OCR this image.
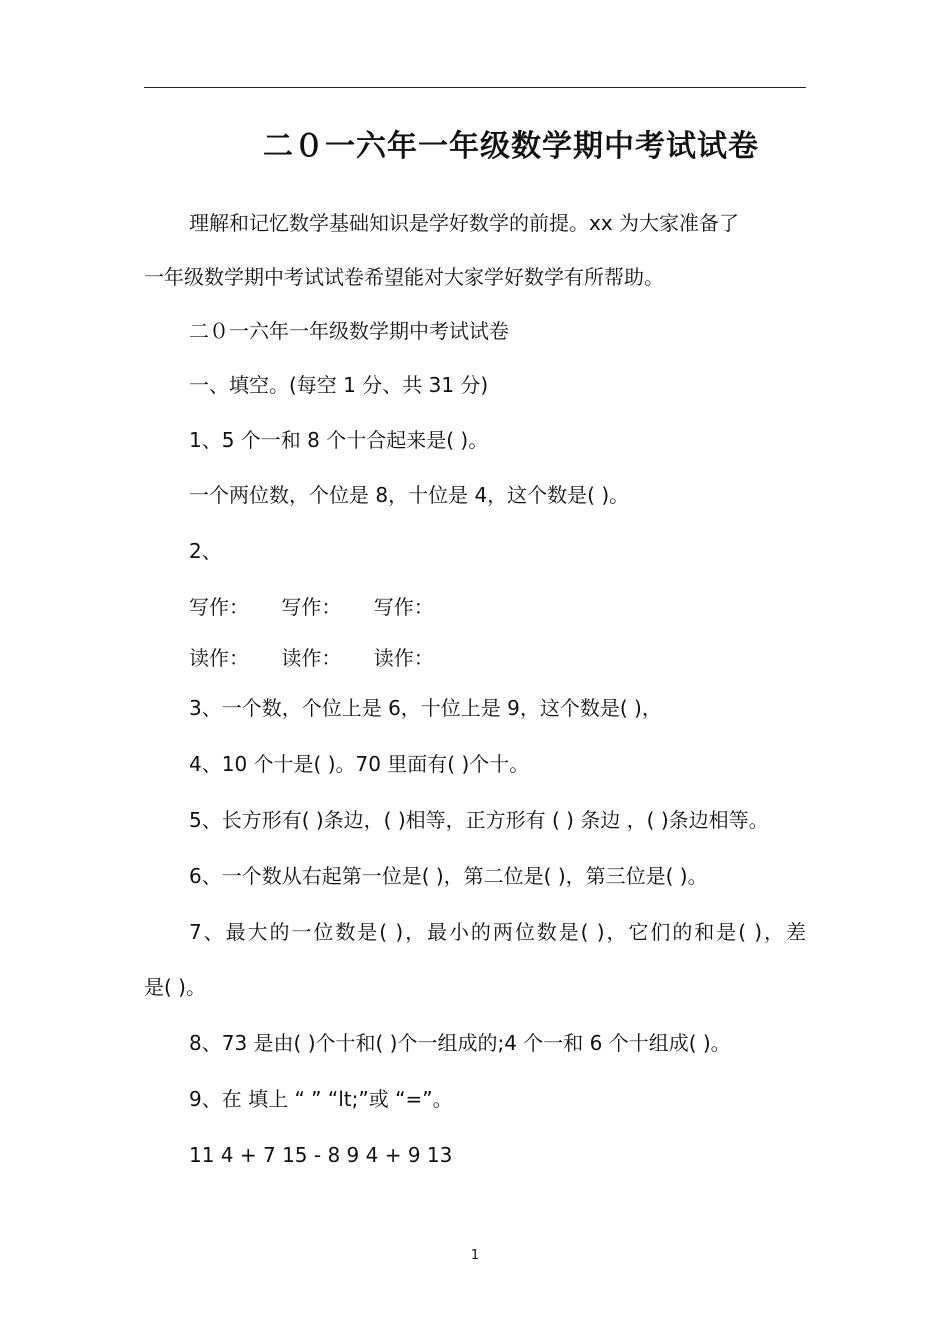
二０一六年一年级数学期中考试试卷
理解和记忆数学基础知识是学好数学的前提。xx 为大家准备了
一年级数学期中考试试卷希望能对大家学好数学有所帮助。
二０一六年一年级数学期中考试试卷
一、填空。(每空 1 分、共 31 分)
1、5 个一和 8 个十合起来是( )。
一个两位数，个位是 8，十位是 4，这个数是( )。
2、
写作： 写作： 写作：
读作： 读作： 读作：
3、一个数，个位上是 6，十位上是 9，这个数是( )，
4、10 个十是( )。70 里面有( )个十。
5、长方形有( )条边，( )相等，正方形有 ( ) 条边 ，( )条边相等。
6、一个数从右起第一位是( )，第二位是( )，第三位是( )。
7、最大的一位数是( )，最小的两位数是( )，它们的和是( )，差
是( )。
8、73 是由( )个十和( )个一组成的;4 个一和 6 个十组成( )。
9、在 填上 “ ” “lt;”或 “=”。
11 4 + 7 15 - 8 9 4 + 9 13
1
